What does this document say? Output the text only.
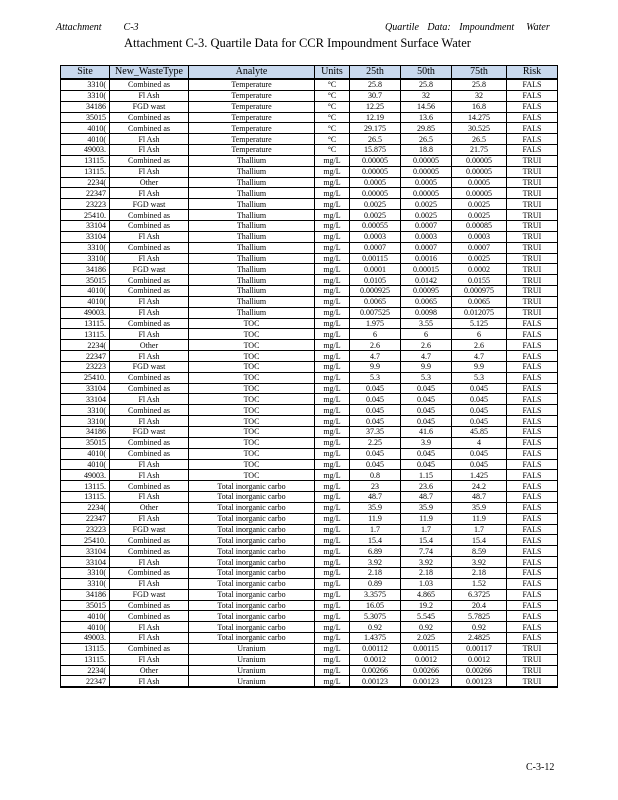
Attachment C-3	Quartile Data: Impoundment Water
Attachment C-3. Quartile Data for CCR Impoundment Surface Water
Site	New_WasteType	Analyte	Units	25th	50th	75th	Risk
3310(	Combined as	Temperature	°C	25.8	25.8	25.8	FALS
3310(	Fl Ash	Temperature	°C	30.7	32	32	FALS
34186	FGD wast	Temperature	°C	12.25	14.56	16.8	FALS
35015	Combined as	Temperature	°C	12.19	13.6	14.275	FALS
4010(	Combined as	Temperature	°C	29.175	29.85	30.525	FALS
4010(	Fl Ash	Temperature	°C	26.5	26.5	26.5	FALS
49003.	Fl Ash	Temperature	°C	15.875	18.8	21.75	FALS
13115.	Combined as	Thallium	mg/L	0.00005	0.00005	0.00005	TRUI
13115.	Fl Ash	Thallium	mg/L	0.00005	0.00005	0.00005	TRUI
2234(	Other	Thallium	mg/L	0.0005	0.0005	0.0005	TRUI
22347	Fl Ash	Thallium	mg/L	0.00005	0.00005	0.00005	TRUI
23223	FGD wast	Thallium	mg/L	0.0025	0.0025	0.0025	TRUI
25410.	Combined as	Thallium	mg/L	0.0025	0.0025	0.0025	TRUI
33104	Combined as	Thallium	mg/L	0.00055	0.0007	0.00085	TRUI
33104	Fl Ash	Thallium	mg/L	0.0003	0.0003	0.0003	TRUI
3310(	Combined as	Thallium	mg/L	0.0007	0.0007	0.0007	TRUI
3310(	Fl Ash	Thallium	mg/L	0.00115	0.0016	0.0025	TRUI
34186	FGD wast	Thallium	mg/L	0.0001	0.00015	0.0002	TRUI
35015	Combined as	Thallium	mg/L	0.0105	0.0142	0.0155	TRUI
4010(	Combined as	Thallium	mg/L	0.000925	0.00095	0.000975	TRUI
4010(	Fl Ash	Thallium	mg/L	0.0065	0.0065	0.0065	TRUI
49003.	Fl Ash	Thallium	mg/L	0.007525	0.0098	0.012075	TRUI
13115.	Combined as	TOC	mg/L	1.975	3.55	5.125	FALS
13115.	Fl Ash	TOC	mg/L	6	6	6	FALS
2234(	Other	TOC	mg/L	2.6	2.6	2.6	FALS
22347	Fl Ash	TOC	mg/L	4.7	4.7	4.7	FALS
23223	FGD wast	TOC	mg/L	9.9	9.9	9.9	FALS
25410.	Combined as	TOC	mg/L	5.3	5.3	5.3	FALS
33104	Combined as	TOC	mg/L	0.045	0.045	0.045	FALS
33104	Fl Ash	TOC	mg/L	0.045	0.045	0.045	FALS
3310(	Combined as	TOC	mg/L	0.045	0.045	0.045	FALS
3310(	Fl Ash	TOC	mg/L	0.045	0.045	0.045	FALS
34186	FGD wast	TOC	mg/L	37.35	41.6	45.85	FALS
35015	Combined as	TOC	mg/L	2.25	3.9	4	FALS
4010(	Combined as	TOC	mg/L	0.045	0.045	0.045	FALS
4010(	Fl Ash	TOC	mg/L	0.045	0.045	0.045	FALS
49003.	Fl Ash	TOC	mg/L	0.8	1.15	1.425	FALS
13115.	Combined as	Total inorganic carbo	mg/L	23	23.6	24.2	FALS
13115.	Fl Ash	Total inorganic carbo	mg/L	48.7	48.7	48.7	FALS
2234(	Other	Total inorganic carbo	mg/L	35.9	35.9	35.9	FALS
22347	Fl Ash	Total inorganic carbo	mg/L	11.9	11.9	11.9	FALS
23223	FGD wast	Total inorganic carbo	mg/L	1.7	1.7	1.7	FALS
25410.	Combined as	Total inorganic carbo	mg/L	15.4	15.4	15.4	FALS
33104	Combined as	Total inorganic carbo	mg/L	6.89	7.74	8.59	FALS
33104	Fl Ash	Total inorganic carbo	mg/L	3.92	3.92	3.92	FALS
3310(	Combined as	Total inorganic carbo	mg/L	2.18	2.18	2.18	FALS
3310(	Fl Ash	Total inorganic carbo	mg/L	0.89	1.03	1.52	FALS
34186	FGD wast	Total inorganic carbo	mg/L	3.3575	4.865	6.3725	FALS
35015	Combined as	Total inorganic carbo	mg/L	16.05	19.2	20.4	FALS
4010(	Combined as	Total inorganic carbo	mg/L	5.3075	5.545	5.7825	FALS
4010(	Fl Ash	Total inorganic carbo	mg/L	0.92	0.92	0.92	FALS
49003.	Fl Ash	Total inorganic carbo	mg/L	1.4375	2.025	2.4825	FALS
13115.	Combined as	Uranium	mg/L	0.00112	0.00115	0.00117	TRUI
13115.	Fl Ash	Uranium	mg/L	0.0012	0.0012	0.0012	TRUI
2234(	Other	Uranium	mg/L	0.00266	0.00266	0.00266	TRUI
22347	Fl Ash	Uranium	mg/L	0.00123	0.00123	0.00123	TRUI
C-3-12
